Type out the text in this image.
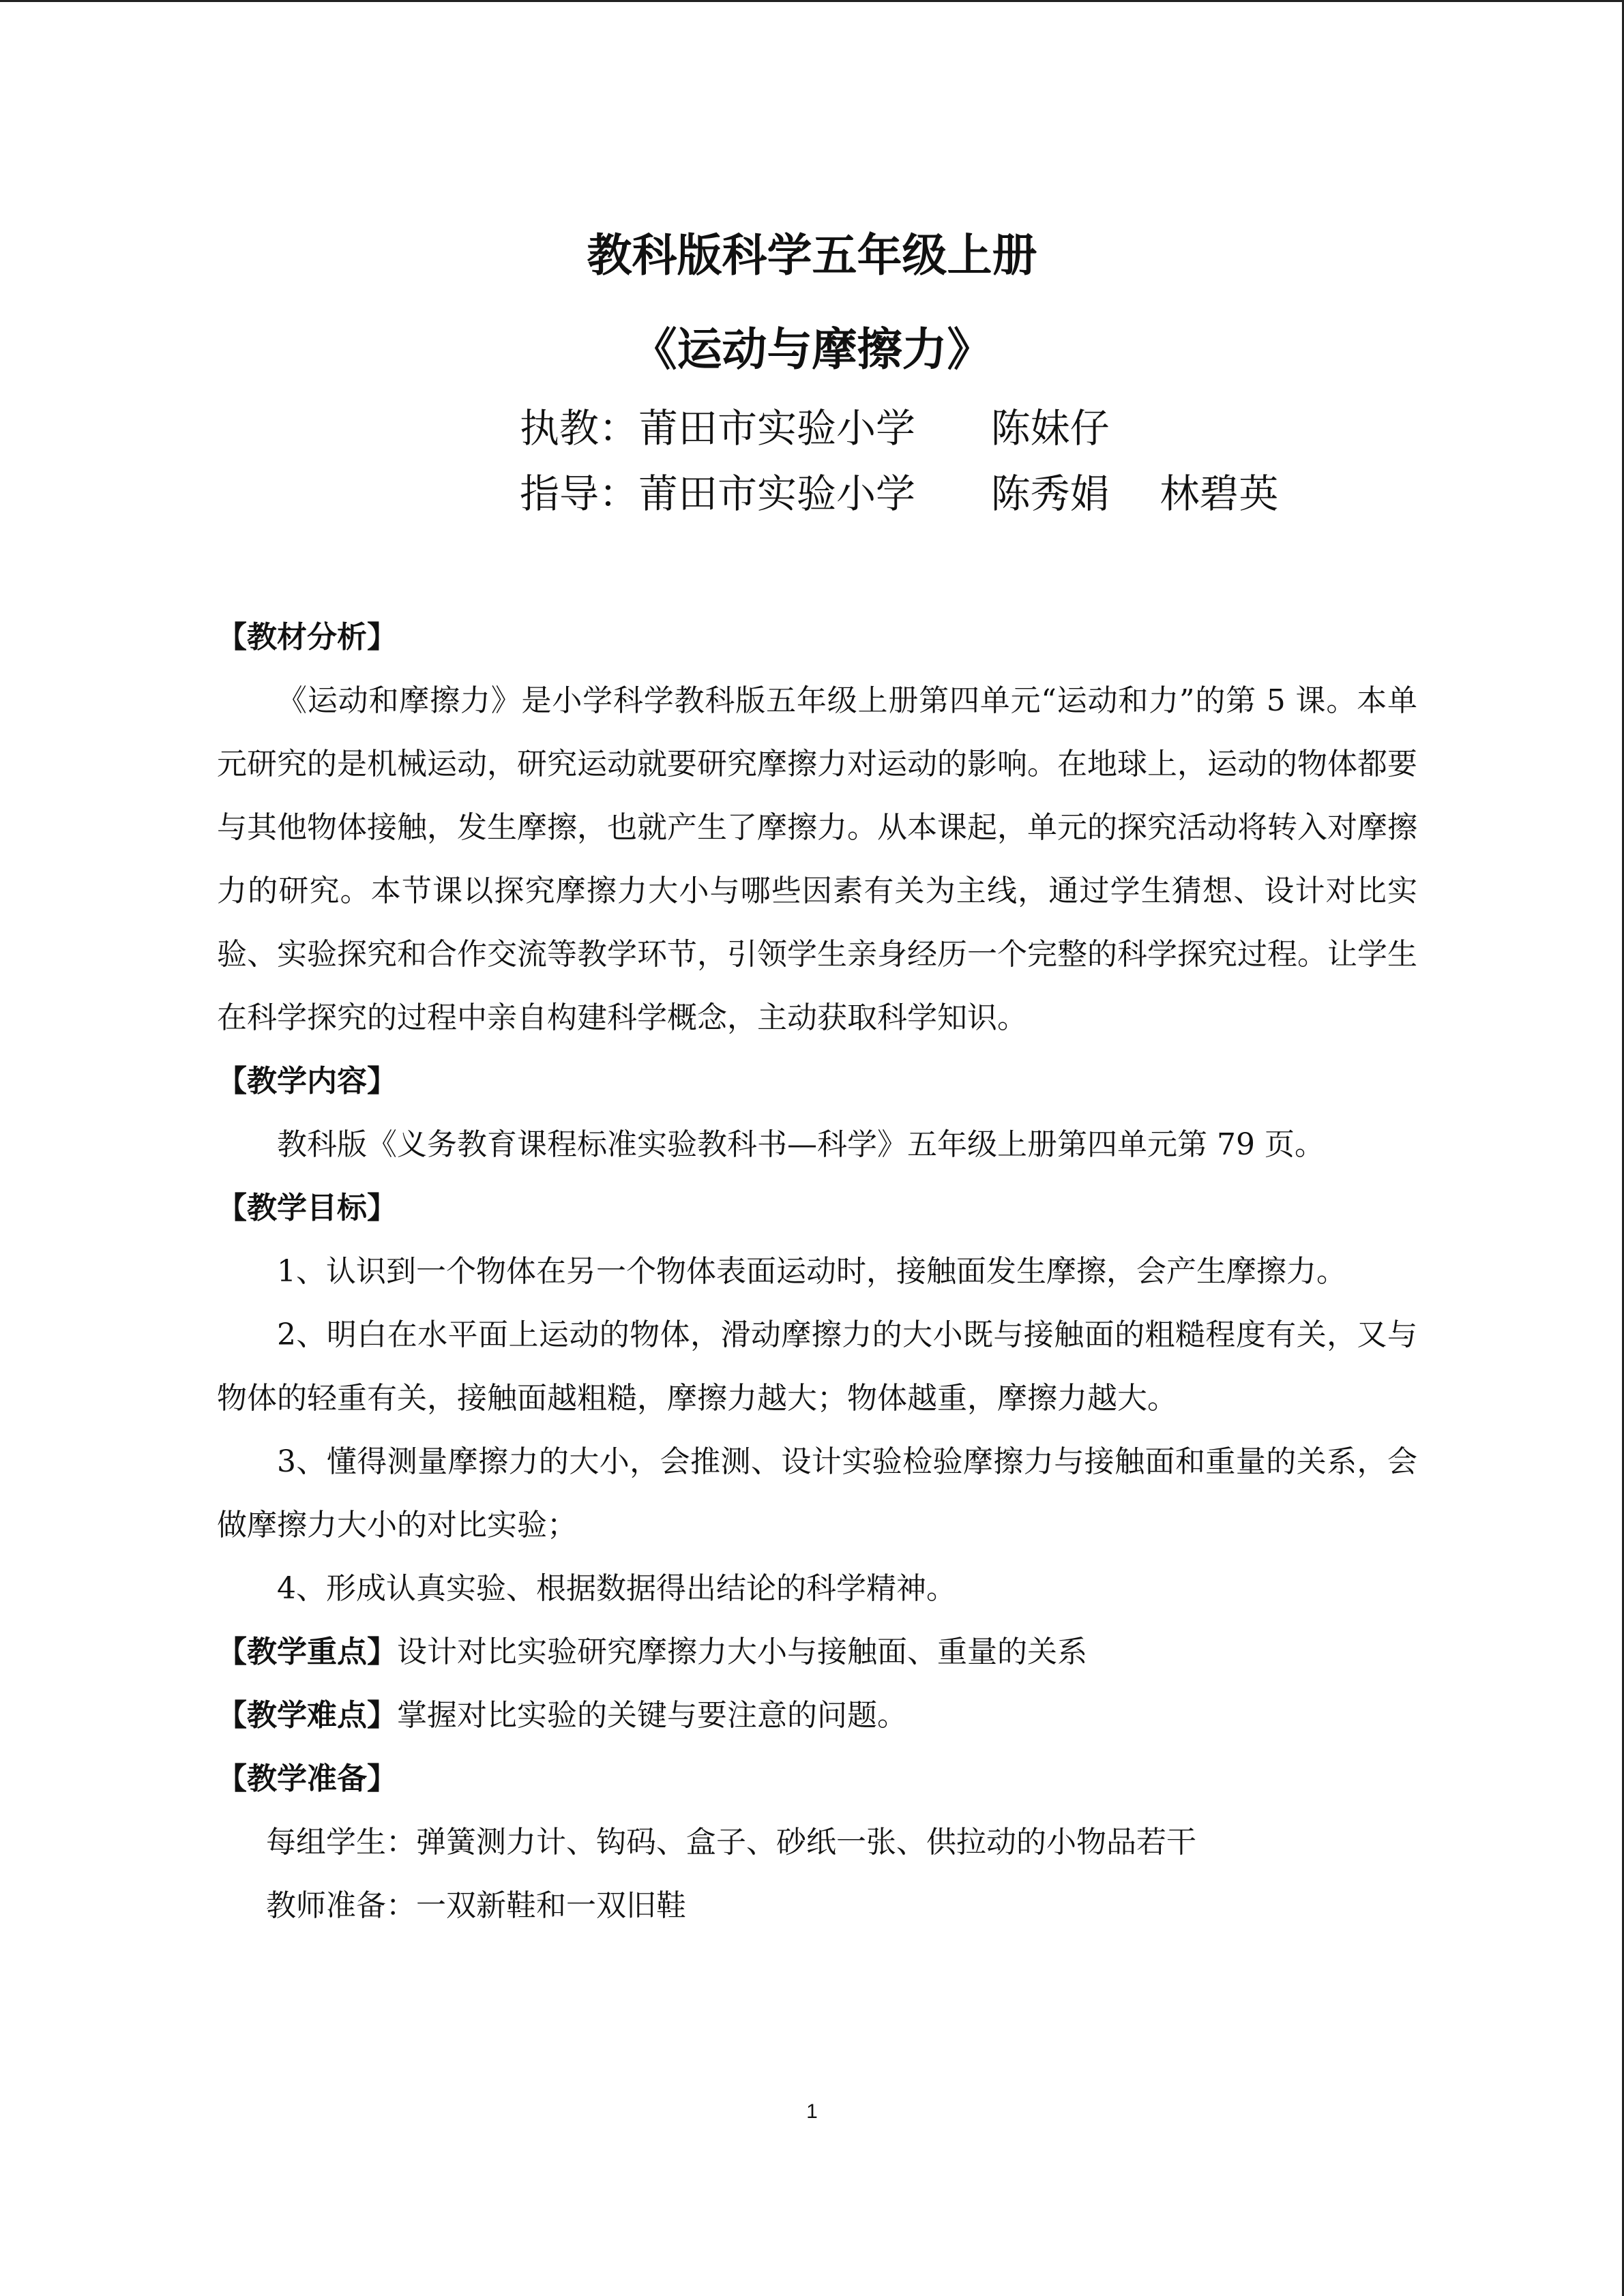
教科版科学五年级上册
《运动与摩擦力》
执教：莆田市实验小学      陈妹仔
指导：莆田市实验小学      陈秀娟    林碧英
【教材分析】
《运动和摩擦力》是小学科学教科版五年级上册第四单元“运动和力”的第 5 课。本单元研究的是机械运动，研究运动就要研究摩擦力对运动的影响。在地球上，运动的物体都要与其他物体接触，发生摩擦，也就产生了摩擦力。从本课起，单元的探究活动将转入对摩擦力的研究。本节课以探究摩擦力大小与哪些因素有关为主线，通过学生猜想、设计对比实验、实验探究和合作交流等教学环节，引领学生亲身经历一个完整的科学探究过程。让学生在科学探究的过程中亲自构建科学概念，主动获取科学知识。
【教学内容】
教科版《义务教育课程标准实验教科书—科学》五年级上册第四单元第 79 页。
【教学目标】
1、认识到一个物体在另一个物体表面运动时，接触面发生摩擦，会产生摩擦力。
2、明白在水平面上运动的物体，滑动摩擦力的大小既与接触面的粗糙程度有关，又与物体的轻重有关，接触面越粗糙，摩擦力越大；物体越重，摩擦力越大。
3、懂得测量摩擦力的大小，会推测、设计实验检验摩擦力与接触面和重量的关系，会做摩擦力大小的对比实验；
4、形成认真实验、根据数据得出结论的科学精神。
【教学重点】设计对比实验研究摩擦力大小与接触面、重量的关系
【教学难点】掌握对比实验的关键与要注意的问题。
【教学准备】
每组学生：弹簧测力计、钩码、盒子、砂纸一张、供拉动的小物品若干
教师准备：一双新鞋和一双旧鞋
1
